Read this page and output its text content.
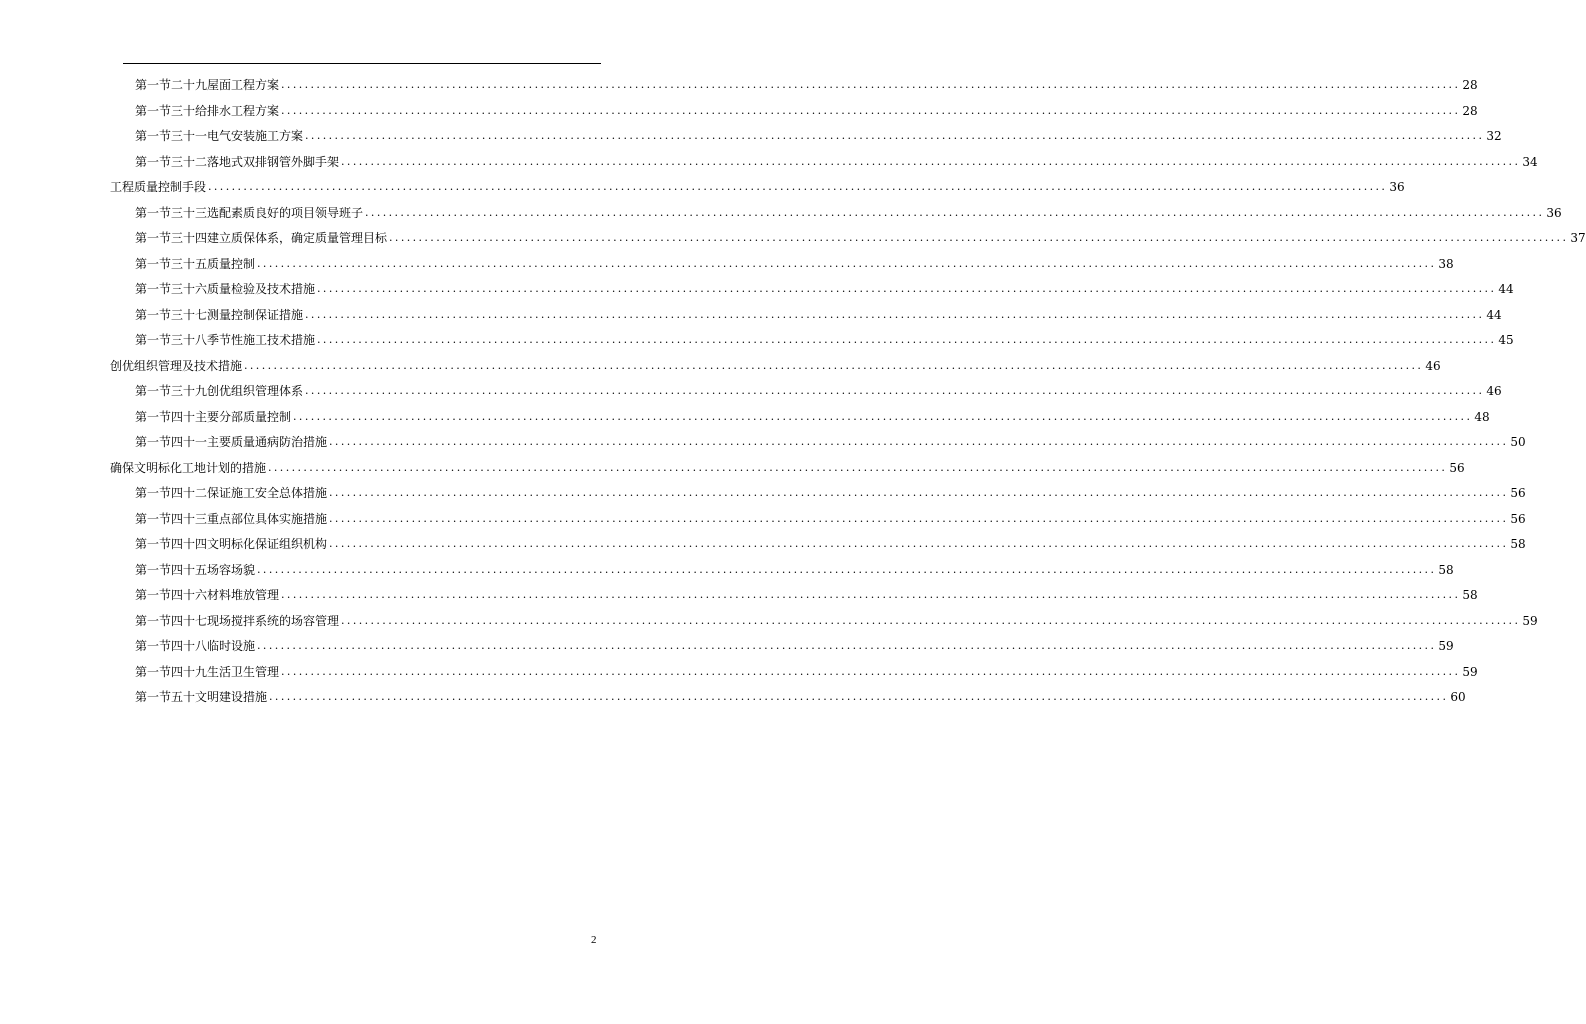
第一节二十九 屋面工程方案 ........................................................................................................................................................................................................ 28
第一节三十 给排水工程方案 ........................................................................................................................................................................................................ 28
第一节三十一 电气安装施工方案 ........................................................................................................................................................................................................ 32
第一节三十二 落地式双排钢管外脚手架 ........................................................................................................................................................................................................ 34
工程质量控制手段 ........................................................................................................................................................................................................ 36
第一节三十三 选配素质良好的项目领导班子 ........................................................................................................................................................................................................ 36
第一节三十四 建立质保体系，确定质量管理目标 ........................................................................................................................................................................................................ 37
第一节三十五 质量控制 ........................................................................................................................................................................................................ 38
第一节三十六 质量检验及技术措施 ........................................................................................................................................................................................................ 44
第一节三十七 测量控制保证措施 ........................................................................................................................................................................................................ 44
第一节三十八 季节性施工技术措施 ........................................................................................................................................................................................................ 45
创优组织管理及技术措施 ........................................................................................................................................................................................................ 46
第一节三十九 创优组织管理体系 ........................................................................................................................................................................................................ 46
第一节四十 主要分部质量控制 ........................................................................................................................................................................................................ 48
第一节四十一 主要质量通病防治措施 ........................................................................................................................................................................................................ 50
确保文明标化工地计划的措施 ........................................................................................................................................................................................................ 56
第一节四十二 保证施工安全总体措施 ........................................................................................................................................................................................................ 56
第一节四十三 重点部位具体实施措施 ........................................................................................................................................................................................................ 56
第一节四十四 文明标化保证组织机构 ........................................................................................................................................................................................................ 58
第一节四十五 场容场貌 ........................................................................................................................................................................................................ 58
第一节四十六 材料堆放管理 ........................................................................................................................................................................................................ 58
第一节四十七 现场搅拌系统的场容管理 ........................................................................................................................................................................................................ 59
第一节四十八 临时设施 ........................................................................................................................................................................................................ 59
第一节四十九 生活卫生管理 ........................................................................................................................................................................................................ 59
第一节五十 文明建设措施 ........................................................................................................................................................................................................ 60
2
